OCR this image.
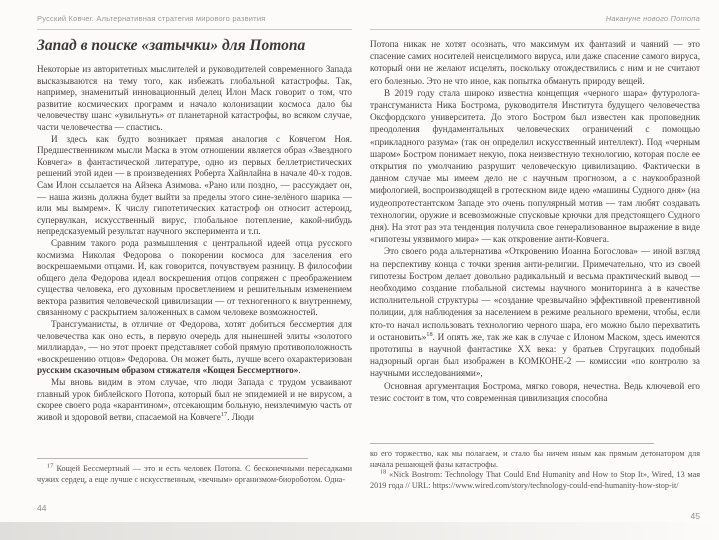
Русский Ковчег. Альтернативная стратегия мирового развития
Запад в поиске «затычки» для Потопа

Некоторые из авторитетных мыслителей и руководителей современного Запада высказываются на тему того, как избежать глобальной катастрофы. Так, например, знаменитый инновационный делец Илон Маск говорит о том, что развитие космических программ и начало колонизации космоса дало бы человечеству шанс «увильнуть» от планетарной катастрофы, во всяком случае, части человечества — спастись.

И здесь как будто возникает прямая аналогия с Ковчегом Ноя. Предшественником мысли Маска в этом отношении является образ «Звездного Ковчега» в фантастической литературе, одно из первых беллетристических решений этой идеи — в произведениях Роберта Хайнлайна в начале 40-х годов. Сам Илон ссылается на Айзека Азимова. «Рано или поздно, — рассуждает он, — наша жизнь должна будет выйти за пределы этого сине-зелёного шарика — или мы вымрем». К числу гипотетических катастроф он относит астероид, супервулкан, искусственный вирус, глобальное потепление, какой-нибудь непредсказуемый результат научного эксперимента и т.п.

Сравним такого рода размышления с центральной идеей отца русского космизма Николая Федорова о покорении космоса для заселения его воскрешаемыми отцами. И, как говорится, почувствуем разницу. В философии общего дела Федорова идеал воскрешения отцов сопряжен с преображением существа человека, его духовным просветлением и решительным изменением вектора развития человеческой цивилизации — от техногенного к внутреннему, связанному с раскрытием заложенных в самом человеке возможностей.

Трансгуманисты, в отличие от Федорова, хотят добиться бессмертия для человечества как оно есть, в первую очередь для нынешней элиты «золотого миллиарда», — но этот проект представляет собой прямую противоположность «воскрешению отцов» Федорова. Он может быть, лучше всего охарактеризован русским сказочным образом стяжателя «Кощея Бессмертного».

Мы вновь видим в этом случае, что люди Запада с трудом усваивают главный урок библейского Потопа, который был не эпидемией и не вирусом, а скорее своего рода «карантином», отсекающим больную, неизлечимую часть от живой и здоровой ветви, спасаемой на Ковчеге$^{17}$. Люди

$^{17}$ Кощей Бессмертный — это и есть человек Потопа. С бесконечными пересадками чужих сердец, а еще лучше с искусственным, «вечным» организмом-биороботом. Одна-

44
Накануне нового Потопа

Потопа никак не хотят осознать, что максимум их фантазий и чаяний — это спасение самих носителей неисцелимого вируса, или даже спасение самого вируса, который они не желают исцелять, поскольку отождествились с ним и не считают его болезнью. Это не что иное, как попытка обмануть природу вещей.

В 2019 году стала широко известна концепция «черного шара» футуролога-трансгуманиста Ника Бострома, руководителя Института будущего человечества Оксфордского университета. До этого Бостром был известен как проповедник преодоления фундаментальных человеческих ограничений с помощью «прикладного разума» (так он определил искусственный интеллект). Под «черным шаром» Бостром понимает некую, пока неизвестную технологию, которая после ее открытия по умолчанию разрушит человеческую цивилизацию. Фактически в данном случае мы имеем дело не с научным прогнозом, а с наукообразной мифологией, воспроизводящей в гротескном виде идею «машины Судного дня» (на иудеопротестантском Западе это очень популярный мотив — там любят создавать технологии, оружие и всевозможные спусковые крючки для предстоящего Судного дня). На этот раз эта тенденция получила свое генерализованное выражение в виде «гипотезы уязвимого мира» — как откровение анти-Ковчега.

Это своего рода альтернатива «Откровению Иоанна Богослова» — иной взгляд на перспективу конца с точки зрения анти-религии. Примечательно, что из своей гипотезы Бостром делает довольно радикальный и весьма практический вывод — необходимо создание глобальной системы научного мониторинга а в качестве исполнительной структуры — «создание чрезвычайно эффективной превентивной полиции, для наблюдения за населением в режиме реального времени, чтобы, если кто-то начал использовать технологию черного шара, его можно было перехватить и остановить»$^{18}$. И опять же, так же как в случае с Илоном Маском, здесь имеются прототипы в научной фантастике XX века: у братьев Стругацких подобный надзорный орган был изображен в КОМКОНЕ-2 — комиссии «по контролю за научными исследованиями»,

Основная аргументация Бострома, мягко говоря, нечестна. Ведь ключевой его тезис состоит в том, что современная цивилизация способна

ко его торжество, как мы полагаем, и стало бы ничем иным как прямым детонатором для начала решающей фазы катастрофы.

$^{18}$ «Nick Bostrom: Technology That Could End Humanity and How to Stop It», Wired, 13 мая 2019 года // URL: https://www.wired.com/story/technology-could-end-humanity-how-stop-it/

45
